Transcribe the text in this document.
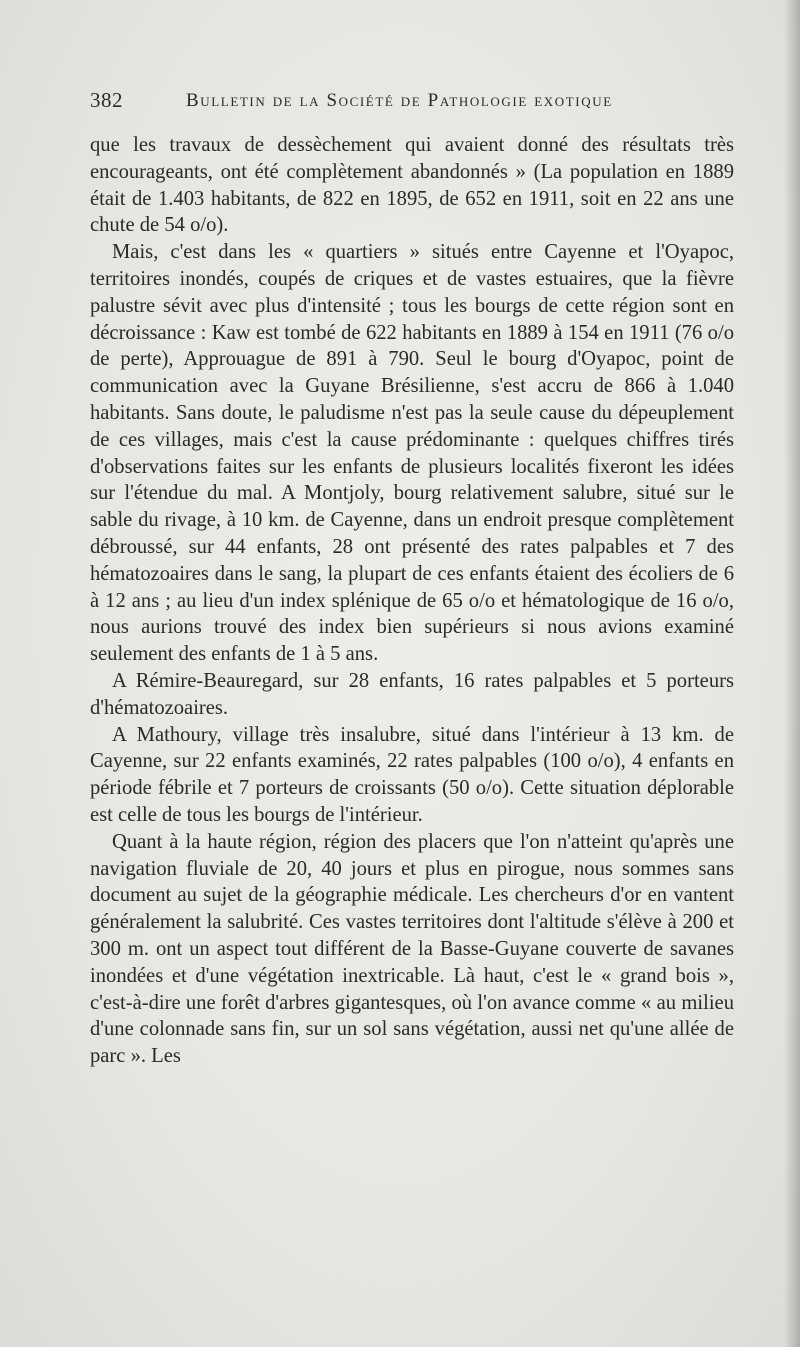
382	Bulletin de la Société de Pathologie exotique

que les travaux de dessèchement qui avaient donné des résultats très encourageants, ont été complètement abandonnés » (La population en 1889 était de 1.403 habitants, de 822 en 1895, de 652 en 1911, soit en 22 ans une chute de 54 o/o).

Mais, c'est dans les « quartiers » situés entre Cayenne et l'Oyapoc, territoires inondés, coupés de criques et de vastes estuaires, que la fièvre palustre sévit avec plus d'intensité ; tous les bourgs de cette région sont en décroissance : Kaw est tombé de 622 habitants en 1889 à 154 en 1911 (76 o/o de perte), Approuague de 891 à 790. Seul le bourg d'Oyapoc, point de communication avec la Guyane Brésilienne, s'est accru de 866 à 1.040 habitants. Sans doute, le paludisme n'est pas la seule cause du dépeuplement de ces villages, mais c'est la cause prédominante : quelques chiffres tirés d'observations faites sur les enfants de plusieurs localités fixeront les idées sur l'étendue du mal. A Montjoly, bourg relativement salubre, situé sur le sable du rivage, à 10 km. de Cayenne, dans un endroit presque complètement débroussé, sur 44 enfants, 28 ont présenté des rates palpables et 7 des hématozoaires dans le sang, la plupart de ces enfants étaient des écoliers de 6 à 12 ans ; au lieu d'un index splénique de 65 o/o et hématologique de 16 o/o, nous aurions trouvé des index bien supérieurs si nous avions examiné seulement des enfants de 1 à 5 ans.

A Rémire-Beauregard, sur 28 enfants, 16 rates palpables et 5 porteurs d'hématozoaires.

A Mathoury, village très insalubre, situé dans l'intérieur à 13 km. de Cayenne, sur 22 enfants examinés, 22 rates palpables (100 o/o), 4 enfants en période fébrile et 7 porteurs de croissants (50 o/o). Cette situation déplorable est celle de tous les bourgs de l'intérieur.

Quant à la haute région, région des placers que l'on n'atteint qu'après une navigation fluviale de 20, 40 jours et plus en pirogue, nous sommes sans document au sujet de la géographie médicale. Les chercheurs d'or en vantent généralement la salubrité. Ces vastes territoires dont l'altitude s'élève à 200 et 300 m. ont un aspect tout différent de la Basse-Guyane couverte de savanes inondées et d'une végétation inextricable. Là haut, c'est le « grand bois », c'est-à-dire une forêt d'arbres gigantesques, où l'on avance comme « au milieu d'une colonnade sans fin, sur un sol sans végétation, aussi net qu'une allée de parc ». Les
